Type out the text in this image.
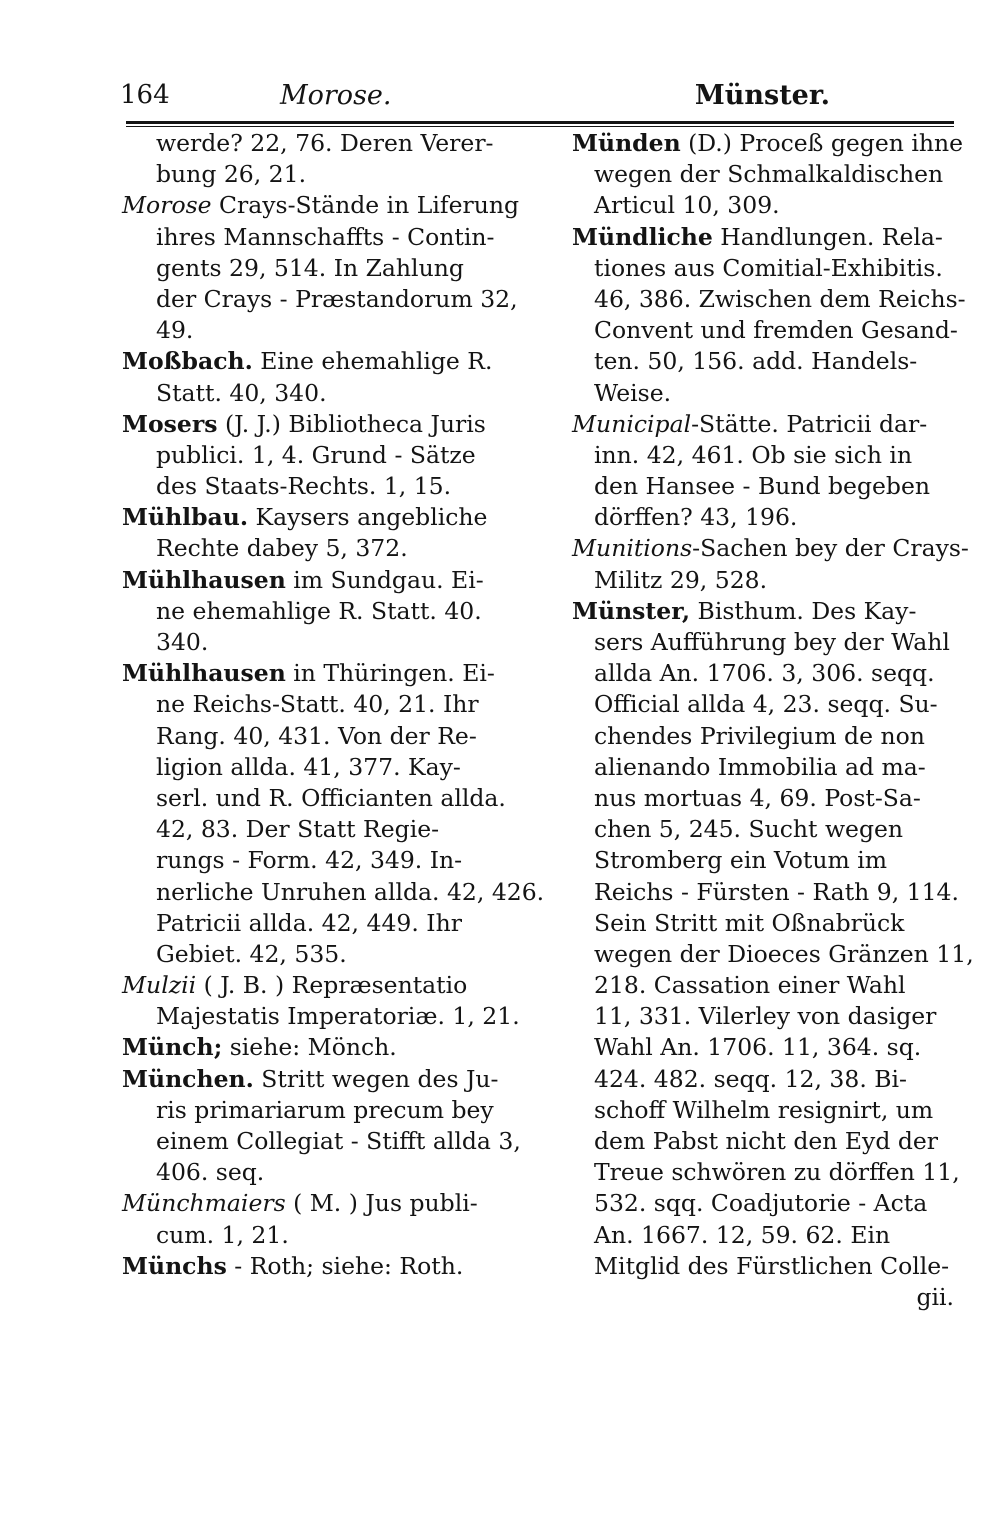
164	Morose.	Münster.
werde? 22, 76. Deren Verer-
bung 26, 21.
Morose Crays-Stände in Liferung
ihres Mannschaffts - Contin-
gents 29, 514. In Zahlung
der Crays - Præstandorum 32,
49.
Moßbach. Eine ehemahlige R.
Statt. 40, 340.
Mosers (J. J.) Bibliotheca Juris
publici. 1, 4. Grund - Sätze
des Staats-Rechts. 1, 15.
Mühlbau. Kaysers angebliche
Rechte dabey 5, 372.
Mühlhausen im Sundgau. Ei-
ne ehemahlige R. Statt. 40.
340.
Mühlhausen in Thüringen. Ei-
ne Reichs-Statt. 40, 21. Ihr
Rang. 40, 431. Von der Re-
ligion allda. 41, 377. Kay-
serl. und R. Officianten allda.
42, 83. Der Statt Regie-
rungs - Form. 42, 349. In-
nerliche Unruhen allda. 42, 426.
Patricii allda. 42, 449. Ihr
Gebiet. 42, 535.
Mulzii ( J. B. ) Repræsentatio
Majestatis Imperatoriæ. 1, 21.
Münch; siehe: Mönch.
München. Stritt wegen des Ju-
ris primariarum precum bey
einem Collegiat - Stifft allda 3,
406. seq.
Münchmaiers ( M. ) Jus publi-
cum. 1, 21.
Münchs - Roth; siehe: Roth.
Münden (D.) Proceß gegen ihne
wegen der Schmalkaldischen
Articul 10, 309.
Mündliche Handlungen. Rela-
tiones aus Comitial-Exhibitis.
46, 386. Zwischen dem Reichs-
Convent und fremden Gesand-
ten. 50, 156. add. Handels-
Weise.
Municipal-Stätte. Patricii dar-
inn. 42, 461. Ob sie sich in
den Hansee - Bund begeben
dörffen? 43, 196.
Munitions-Sachen bey der Crays-
Militz 29, 528.
Münster, Bisthum. Des Kay-
sers Aufführung bey der Wahl
allda An. 1706. 3, 306. seqq.
Official allda 4, 23. seqq. Su-
chendes Privilegium de non
alienando Immobilia ad ma-
nus mortuas 4, 69. Post-Sa-
chen 5, 245. Sucht wegen
Stromberg ein Votum im
Reichs - Fürsten - Rath 9, 114.
Sein Stritt mit Oßnabrück
wegen der Dioeces Gränzen 11,
218. Cassation einer Wahl
11, 331. Vilerley von dasiger
Wahl An. 1706. 11, 364. sq.
424. 482. seqq. 12, 38. Bi-
schoff Wilhelm resignirt, um
dem Pabst nicht den Eyd der
Treue schwören zu dörffen 11,
532. sqq. Coadjutorie - Acta
An. 1667. 12, 59. 62. Ein
Mitglid des Fürstlichen Colle-
gii.
